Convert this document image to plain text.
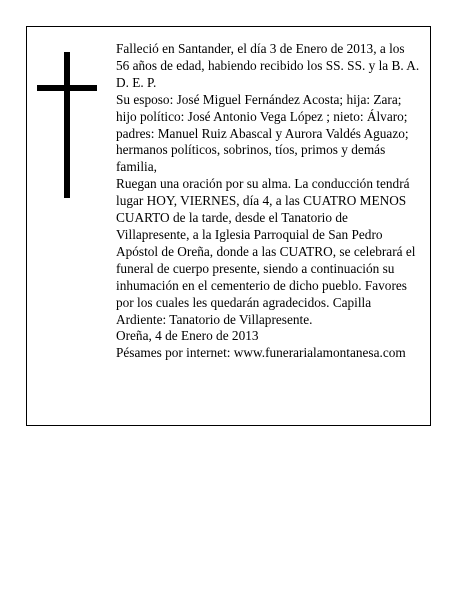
Falleció en Santander, el día 3 de Enero de 2013, a los 56 años de edad, habiendo recibido los SS. SS. y la B. A.

D. E. P.

Su esposo: José Miguel Fernández Acosta; hija: Zara; hijo político: José Antonio Vega López ; nieto: Álvaro; padres: Manuel Ruiz Abascal y Aurora Valdés Aguazo; hermanos políticos, sobrinos, tíos, primos y demás familia,

Ruegan una oración por su alma. La conducción tendrá lugar HOY, VIERNES, día 4, a las CUATRO MENOS CUARTO de la tarde, desde el Tanatorio de Villapresente, a la Iglesia Parroquial de San Pedro Apóstol de Oreña, donde a las CUATRO, se celebrará el funeral de cuerpo presente, siendo a continuación su inhumación en el cementerio de dicho pueblo. Favores por los cuales les quedarán agradecidos. Capilla Ardiente: Tanatorio de Villapresente.

Oreña, 4 de Enero de 2013

Pésames por internet: www.funerarialamontanesa.com
